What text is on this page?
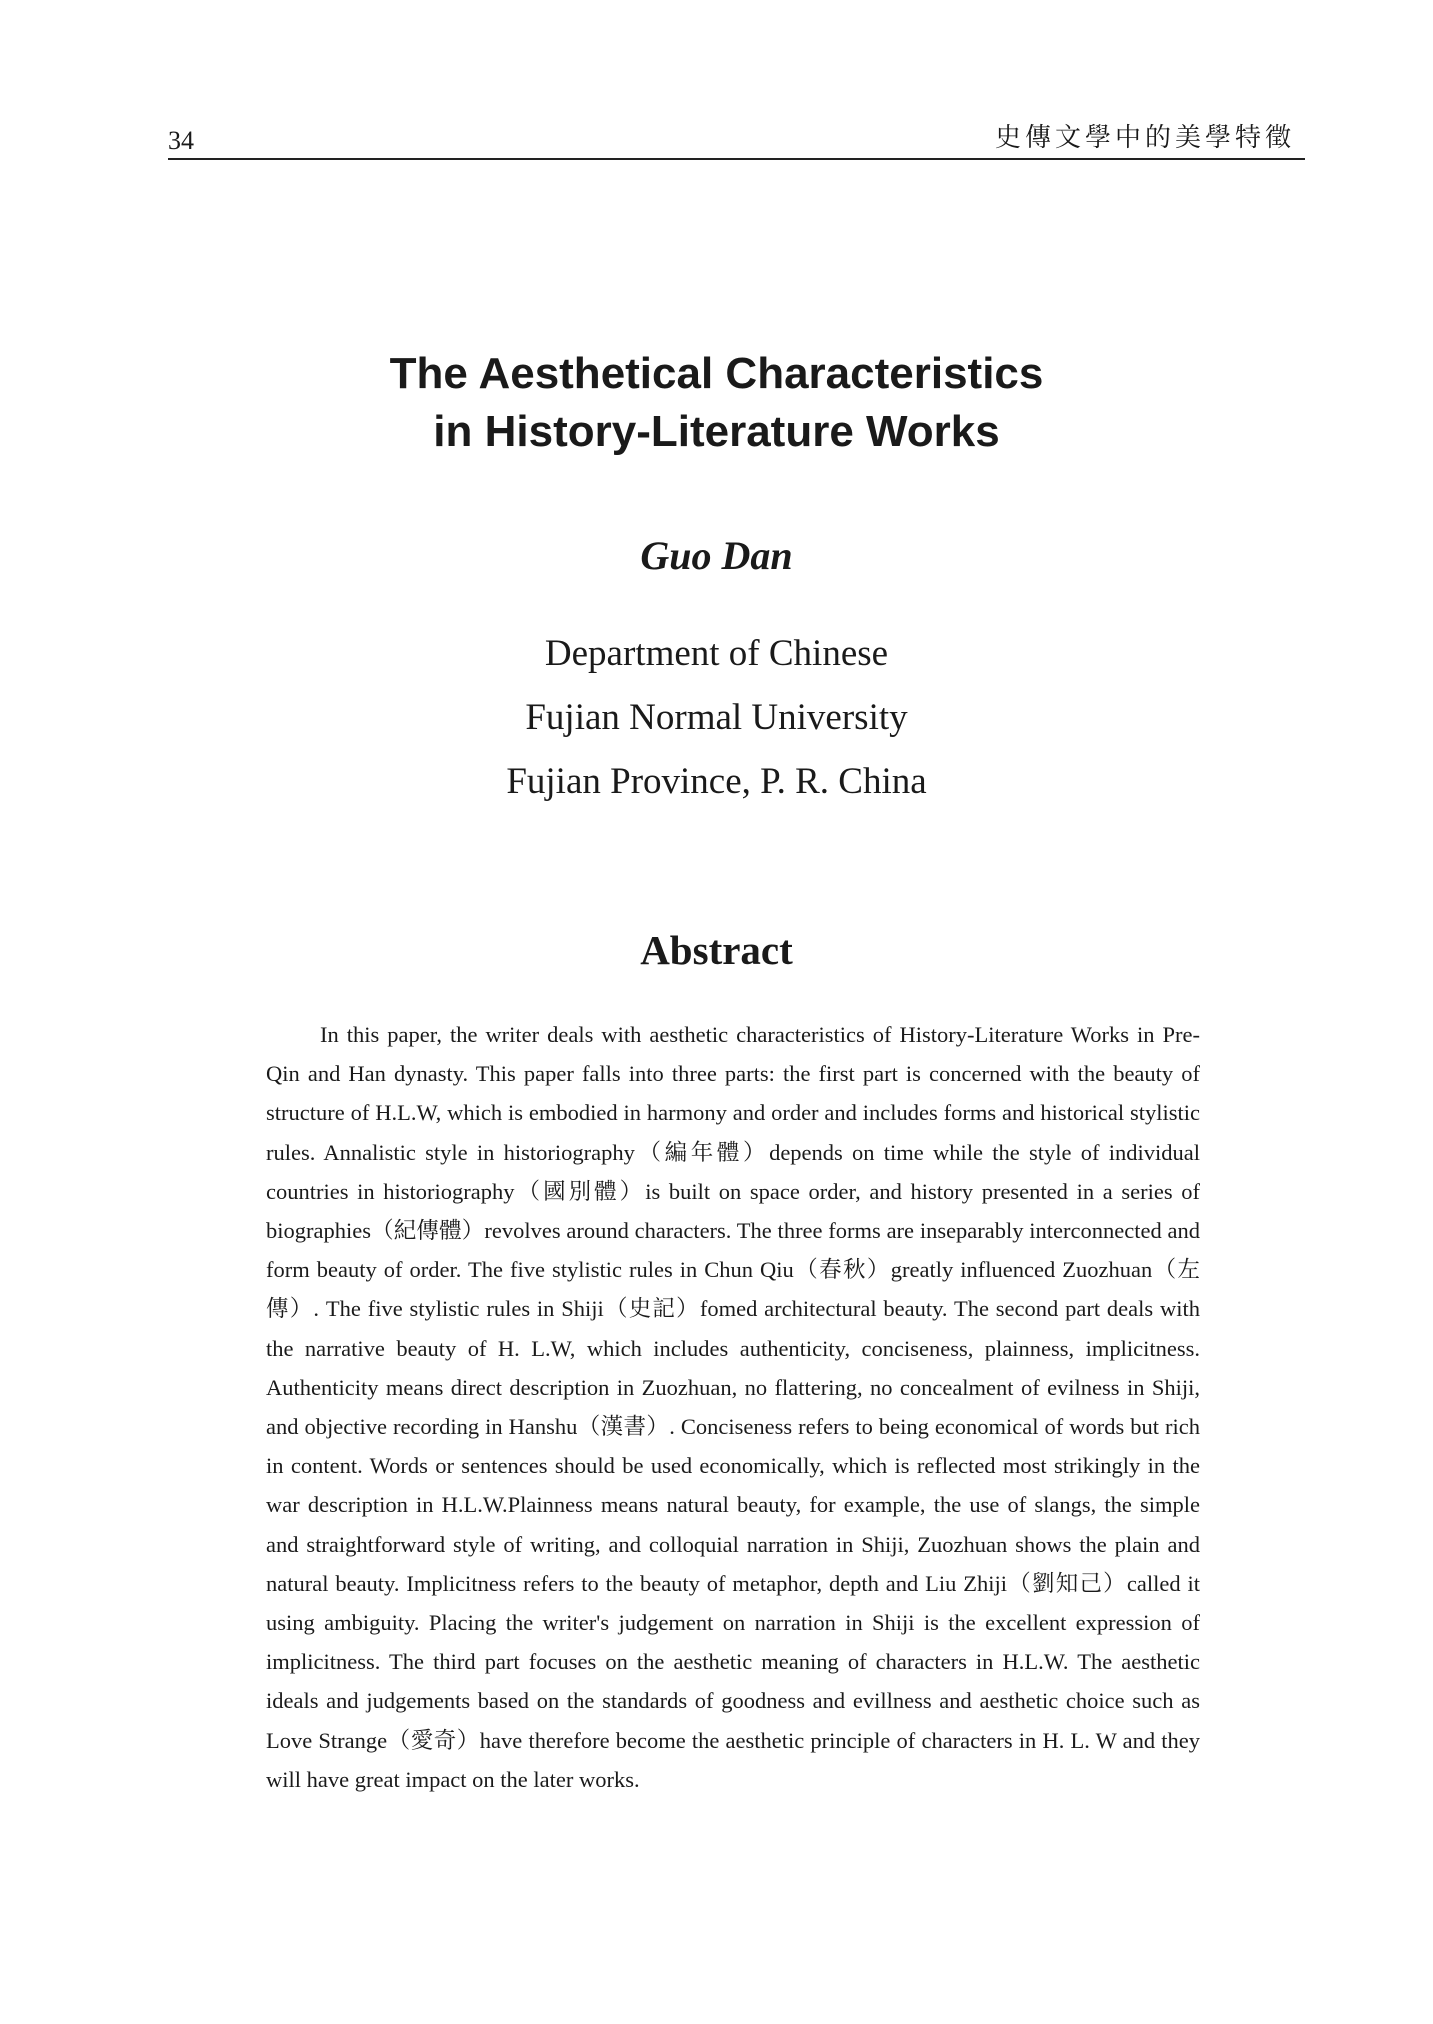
34	史傳文學中的美學特徵
The Aesthetical Characteristics
in History-Literature Works
Guo Dan
Department of Chinese
Fujian Normal University
Fujian Province, P. R. China
Abstract

In this paper, the writer deals with aesthetic characteristics of History-Literature Works in Pre-Qin and Han dynasty. This paper falls into three parts: the first part is concerned with the beauty of structure of H.L.W, which is embodied in harmony and order and includes forms and historical stylistic rules. Annalistic style in historiography（編年體）depends on time while the style of individual countries in historiography（國別體）is built on space order, and history presented in a series of biographies（紀傳體）revolves around characters. The three forms are inseparably interconnected and form beauty of order. The five stylistic rules in Chun Qiu（春秋）greatly influenced Zuozhuan（左傳）. The five stylistic rules in Shiji（史記）fomed architectural beauty. The second part deals with the narrative beauty of H. L.W, which includes authenticity, conciseness, plainness, implicitness. Authenticity means direct description in Zuozhuan, no flattering, no concealment of evilness in Shiji, and objective recording in Hanshu（漢書）. Conciseness refers to being economical of words but rich in content. Words or sentences should be used economically, which is reflected most strikingly in the war description in H.L.W.Plainness means natural beauty, for example, the use of slangs, the simple and straightforward style of writing, and colloquial narration in Shiji, Zuozhuan shows the plain and natural beauty. Implicitness refers to the beauty of metaphor, depth and Liu Zhiji（劉知己）called it using ambiguity. Placing the writer's judgement on narration in Shiji is the excellent expression of implicitness. The third part focuses on the aesthetic meaning of characters in H.L.W. The aesthetic ideals and judgements based on the standards of goodness and evillness and aesthetic choice such as Love Strange（愛奇）have therefore become the aesthetic principle of characters in H. L. W and they will have great impact on the later works.
